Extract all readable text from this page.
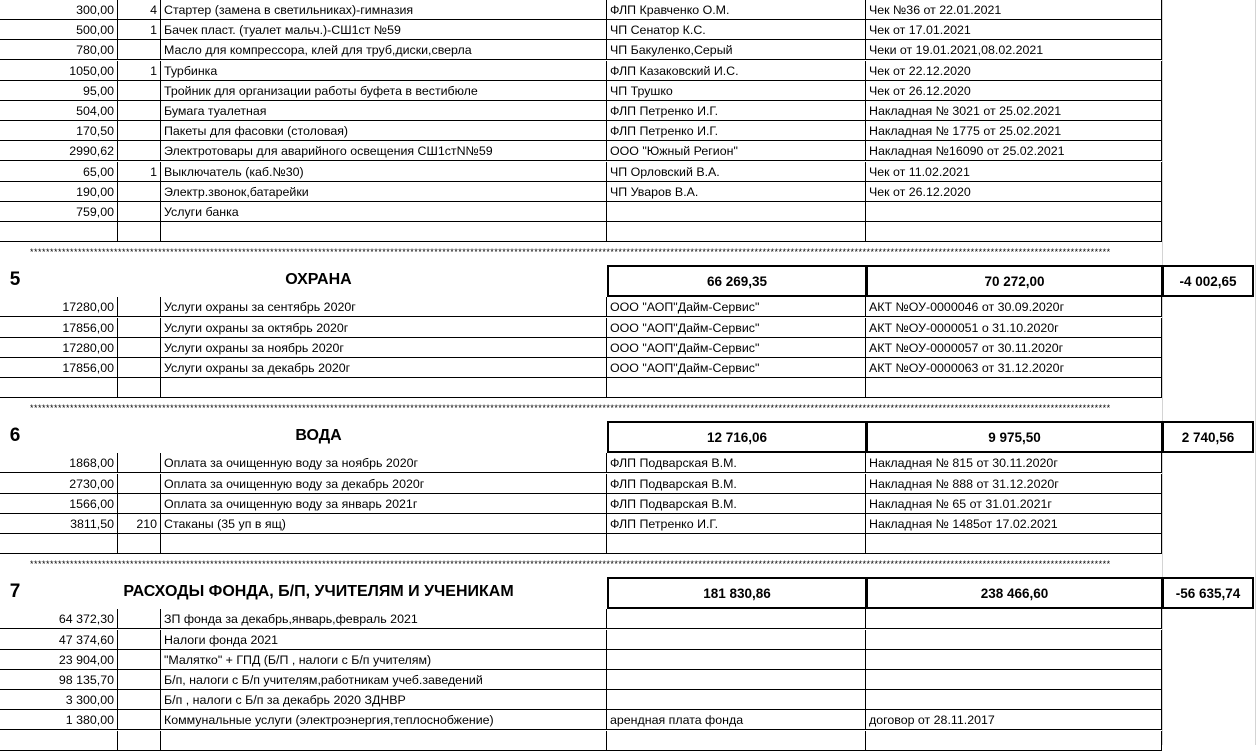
300,00	4 Стартер (замена в светильниках)-гимназия	ФЛП Кравченко О.М.	Чек №36 от 22.01.2021
500,00	1 Бачек пласт. (туалет мальч.)-СШ1ст №59	ЧП Сенатор К.С.	Чек от 17.01.2021
780,00	Масло для компрессора, клей для труб,диски,сверла	ЧП Бакуленко,Серый	Чеки от 19.01.2021,08.02.2021
1050,00	1 Турбинка	ФЛП Казаковский И.С.	Чек от 22.12.2020
95,00	Тройник для организации работы буфета в вестибюле	ЧП Трушко	Чек от 26.12.2020
504,00	Бумага туалетная	ФЛП Петренко И.Г.	Накладная № 3021 от 25.02.2021
170,50	Пакеты для фасовки (столовая)	ФЛП Петренко И.Г.	Накладная № 1775 от 25.02.2021
2990,62	Электротовары для аварийного освещения СШ1стN№59	ООО "Южный Регион"	Накладная №16090 от 25.02.2021
65,00	1 Выключатель (каб.№30)	ЧП Орловский В.А.	Чек от 11.02.2021
190,00	Электр.звонок,батарейки	ЧП Уваров В.А.	Чек от 26.12.2020
759,00	Услуги банка
******************************************************************************************************************************************************************************************************************************************************************************
5	ОХРАНА	66 269,35	70 272,00	-4 002,65
17280,00	Услуги охраны за сентябрь 2020г	ООО "АОП"Дайм-Сервис"	АКТ №ОУ-0000046 от 30.09.2020г
17856,00	Услуги охраны за октябрь 2020г	ООО "АОП"Дайм-Сервис"	АКТ №ОУ-0000051 о 31.10.2020г
17280,00	Услуги охраны за ноябрь 2020г	ООО "АОП"Дайм-Сервис"	АКТ №ОУ-0000057 от 30.11.2020г
17856,00	Услуги охраны за декабрь 2020г	ООО "АОП"Дайм-Сервис"	АКТ №ОУ-0000063 от 31.12.2020г
******************************************************************************************************************************************************************************************************************************************************************************
6	ВОДА	12 716,06	9 975,50	2 740,56
1868,00	Оплата за очищенную воду за ноябрь 2020г	ФЛП Подварская В.М.	Накладная № 815 от 30.11.2020г
2730,00	Оплата за очищенную воду за декабрь 2020г	ФЛП Подварская В.М.	Накладная № 888 от 31.12.2020г
1566,00	Оплата за очищенную воду за январь 2021г	ФЛП Подварская В.М.	Накладная № 65 от 31.01.2021г
3811,50	210 Стаканы (35 уп в ящ)	ФЛП Петренко И.Г.	Накладная № 1485от 17.02.2021
******************************************************************************************************************************************************************************************************************************************************************************
7	РАСХОДЫ ФОНДА, Б/П, УЧИТЕЛЯМ И УЧЕНИКАМ	181 830,86	238 466,60	-56 635,74
64 372,30	ЗП фонда за декабрь,январь,февраль 2021
47 374,60	Налоги фонда 2021
23 904,00	"Малятко" + ГПД (Б/П , налоги с Б/п учителям)
98 135,70	Б/п, налоги с Б/п учителям,работникам учеб.заведений
3 300,00	Б/п , налоги с Б/п за декабрь 2020 ЗДНВР
1 380,00	Коммунальные услуги (электроэнергия,теплоснобжение)	арендная плата фонда	договор от 28.11.2017
